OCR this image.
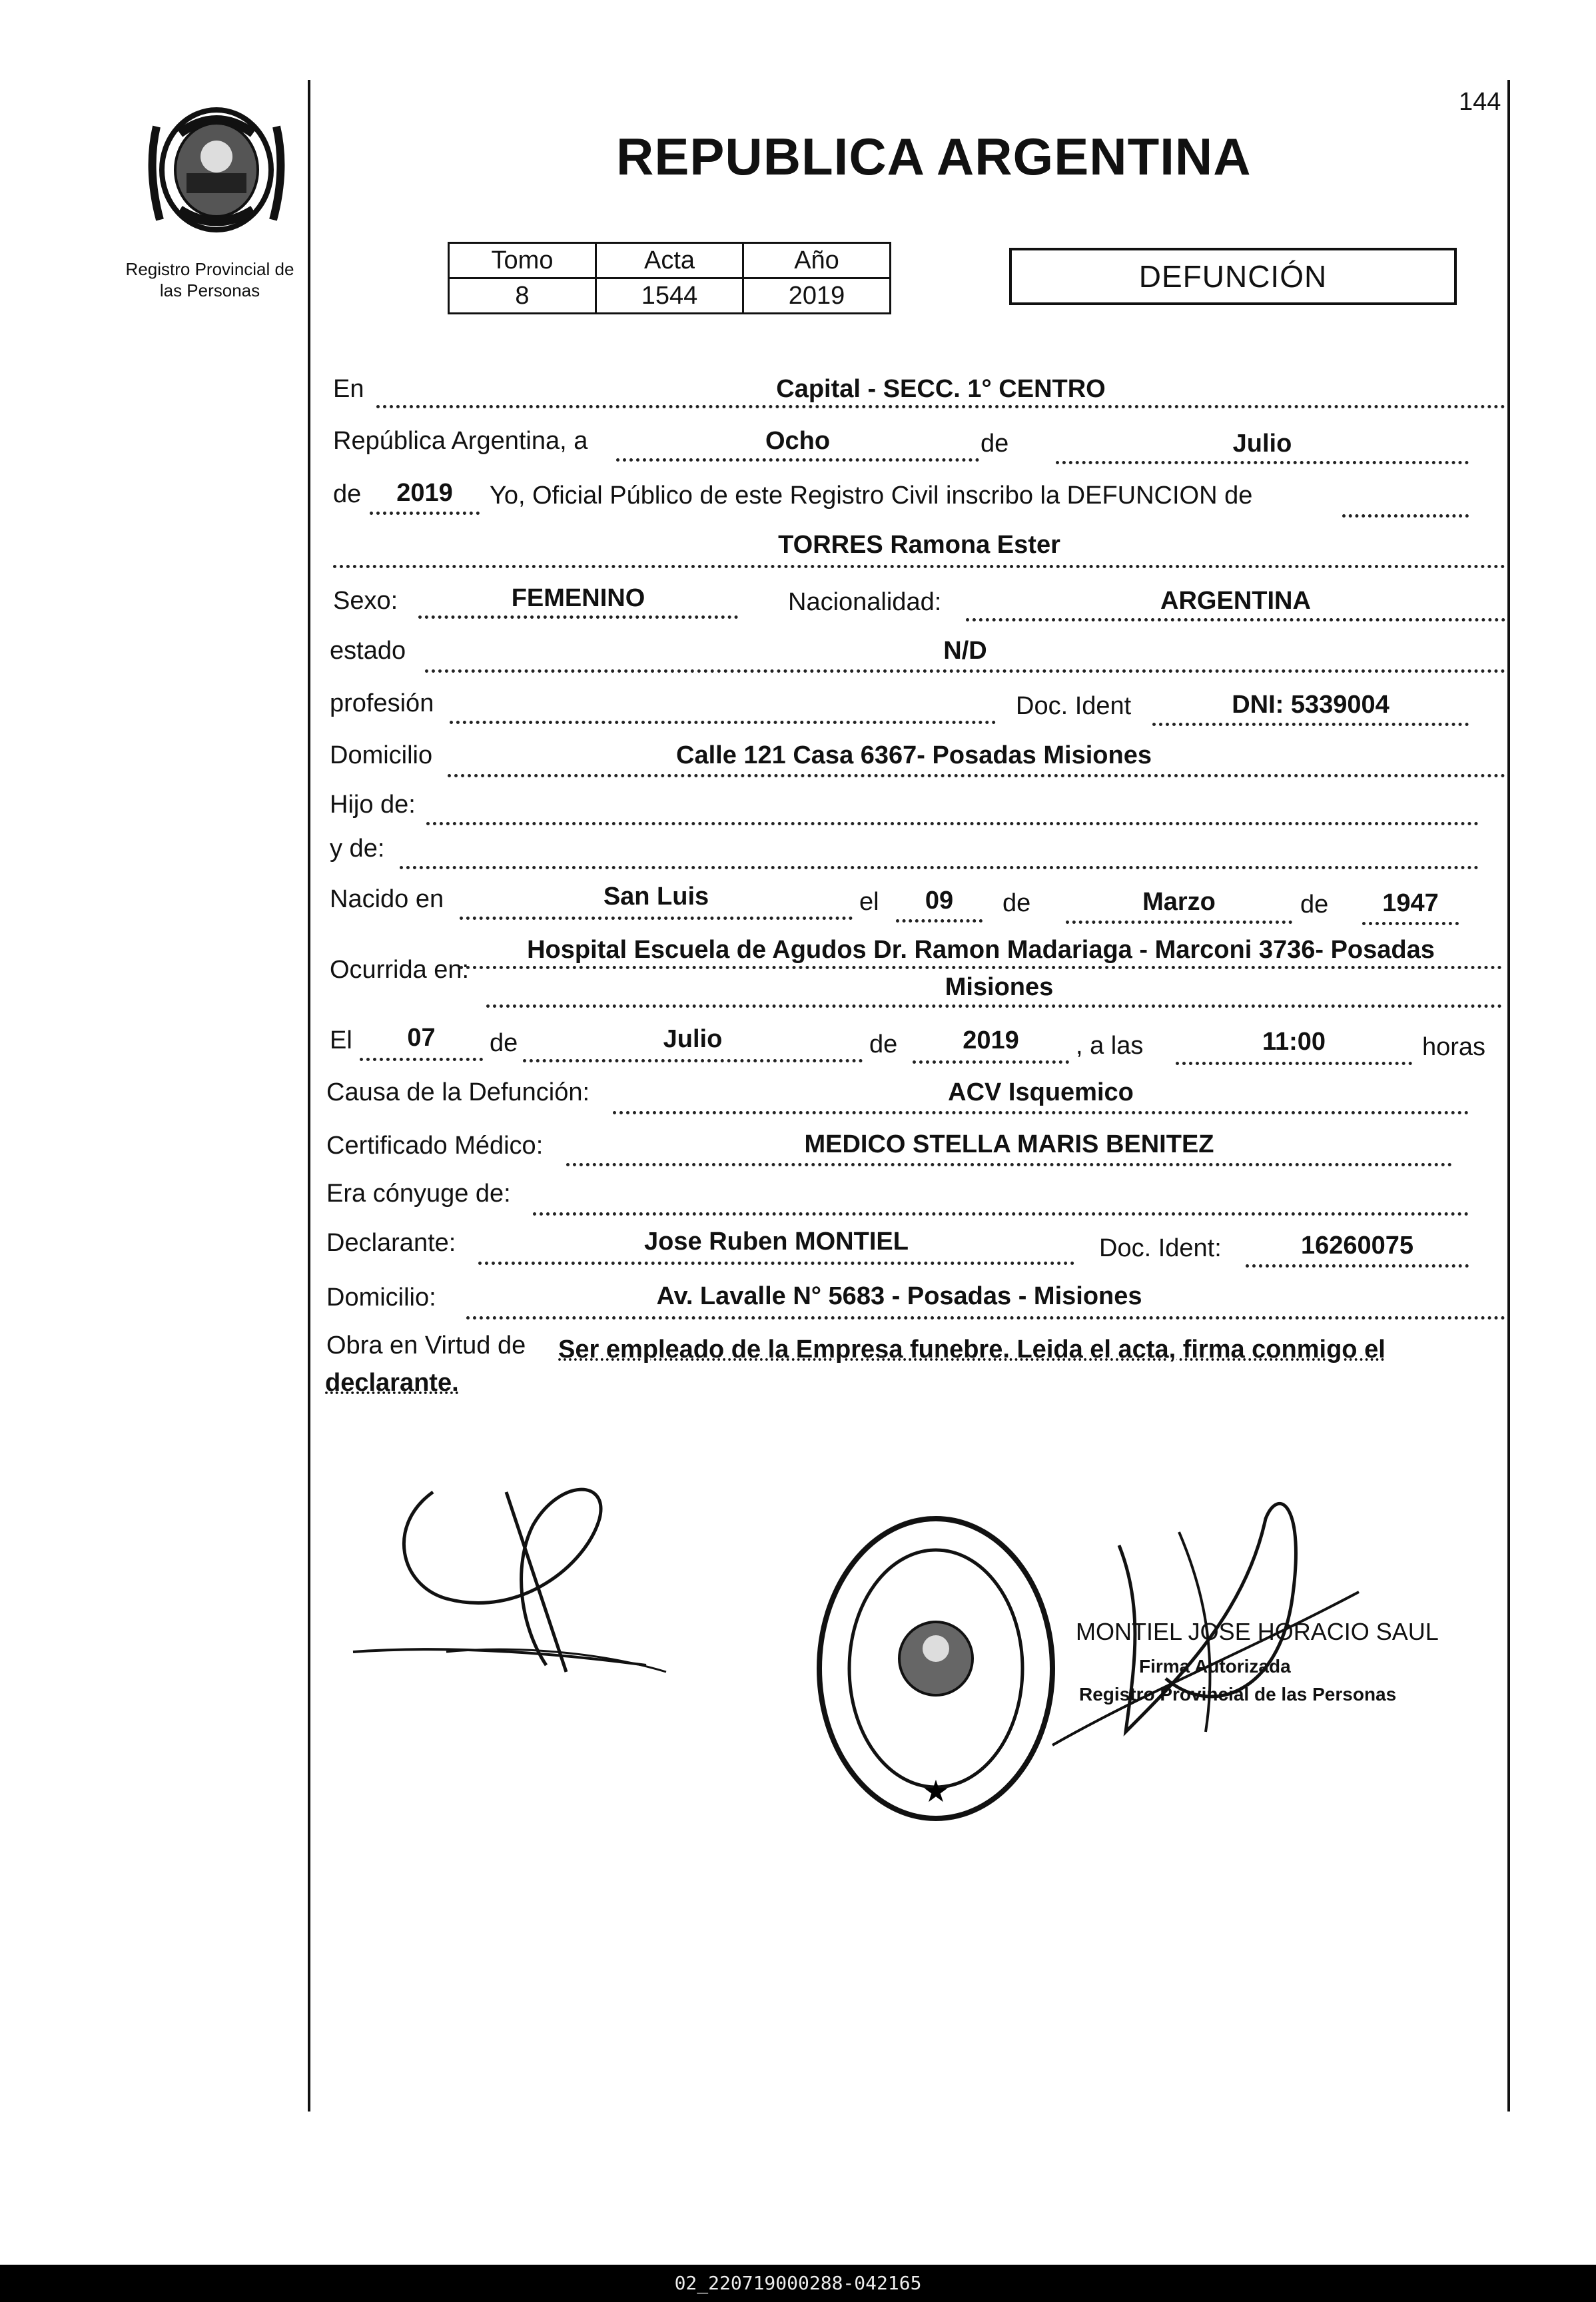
Registro Provincial de
las Personas
144
REPUBLICA ARGENTINA
Tomo	Acta	Año
8	1544	2019
DEFUNCIÓN
En	Capital - SECC. 1° CENTRO
República Argentina, a	Ocho	de	Julio
de	2019	Yo, Oficial Público de este Registro Civil inscribo la DEFUNCION de
TORRES Ramona Ester
Sexo:	FEMENINO	Nacionalidad:	ARGENTINA
estado	N/D
profesión	Doc. Ident	DNI: 5339004
Domicilio	Calle 121 Casa 6367- Posadas Misiones
Hijo de:
y de:
Nacido en	San Luis	el	09	de	Marzo	de	1947
Ocurrida en:
Hospital Escuela de Agudos Dr. Ramon Madariaga - Marconi 3736- Posadas
Misiones
El	07	de	Julio	de	2019	, a las	11:00	horas
Causa de la Defunción:	ACV Isquemico
Certificado Médico:	MEDICO STELLA MARIS BENITEZ
Era cónyuge de:
Declarante:	Jose Ruben MONTIEL	Doc. Ident:	16260075
Domicilio:	Av. Lavalle N° 5683 - Posadas - Misiones
Obra en Virtud de Ser empleado de la Empresa funebre. Leida el acta, firma conmigo el
declarante.
★
MONTIEL JOSE HORACIO SAUL
Firma Autorizada
Registro Provincial de las Personas
02_220719000288-042165
